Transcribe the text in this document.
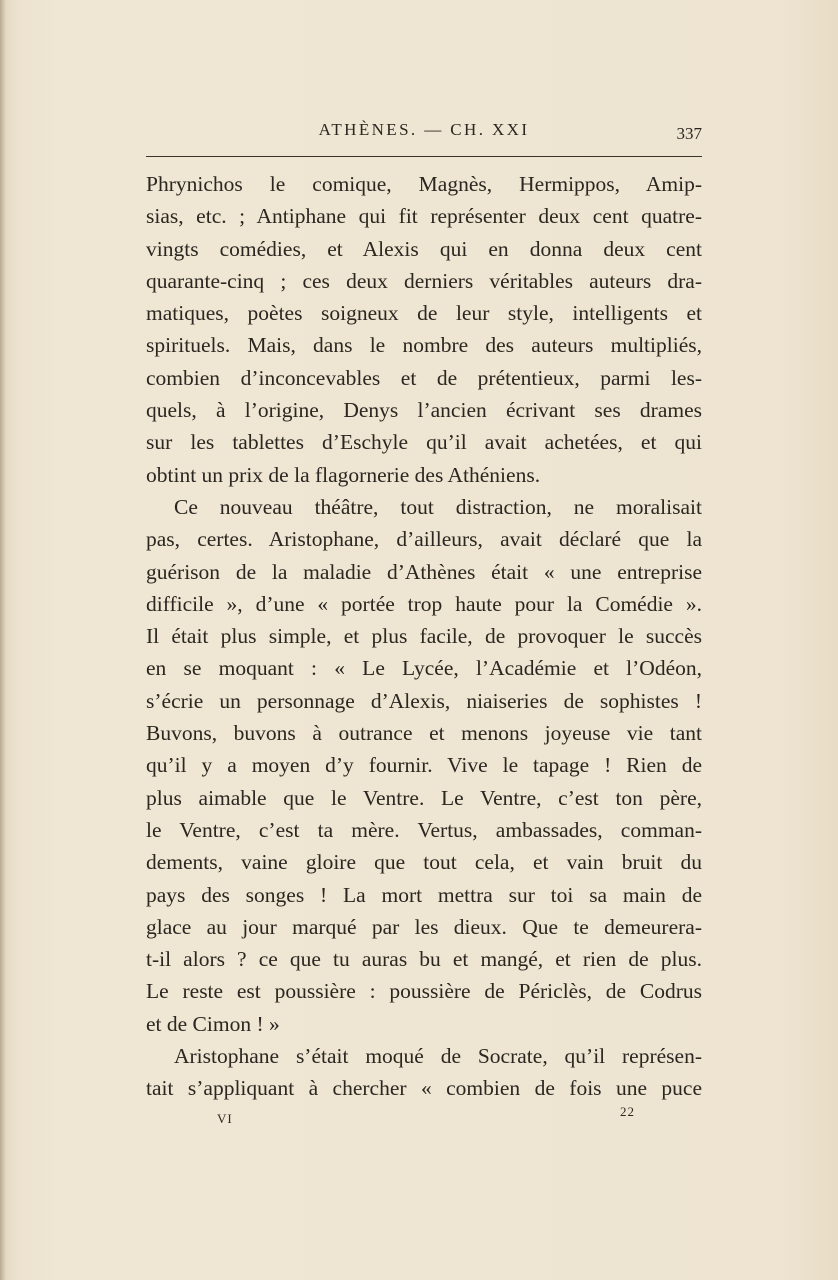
ATHÈNES. — CH. XXI	337
Phrynichos le comique, Magnès, Hermippos, Amip-
sias, etc. ; Antiphane qui fit représenter deux cent quatre-
vingts comédies, et Alexis qui en donna deux cent
quarante-cinq ; ces deux derniers véritables auteurs dra-
matiques, poètes soigneux de leur style, intelligents et
spirituels. Mais, dans le nombre des auteurs multipliés,
combien d’inconcevables et de prétentieux, parmi les-
quels, à l’origine, Denys l’ancien écrivant ses drames
sur les tablettes d’Eschyle qu’il avait achetées, et qui
obtint un prix de la flagornerie des Athéniens.
Ce nouveau théâtre, tout distraction, ne moralisait
pas, certes. Aristophane, d’ailleurs, avait déclaré que la
guérison de la maladie d’Athènes était « une entreprise
difficile », d’une « portée trop haute pour la Comédie ».
Il était plus simple, et plus facile, de provoquer le succès
en se moquant : « Le Lycée, l’Académie et l’Odéon,
s’écrie un personnage d’Alexis, niaiseries de sophistes !
Buvons, buvons à outrance et menons joyeuse vie tant
qu’il y a moyen d’y fournir. Vive le tapage ! Rien de
plus aimable que le Ventre. Le Ventre, c’est ton père,
le Ventre, c’est ta mère. Vertus, ambassades, comman-
dements, vaine gloire que tout cela, et vain bruit du
pays des songes ! La mort mettra sur toi sa main de
glace au jour marqué par les dieux. Que te demeurera-
t-il alors ? ce que tu auras bu et mangé, et rien de plus.
Le reste est poussière : poussière de Périclès, de Codrus
et de Cimon ! »
Aristophane s’était moqué de Socrate, qu’il représen-
tait s’appliquant à chercher « combien de fois une puce
VI	22
